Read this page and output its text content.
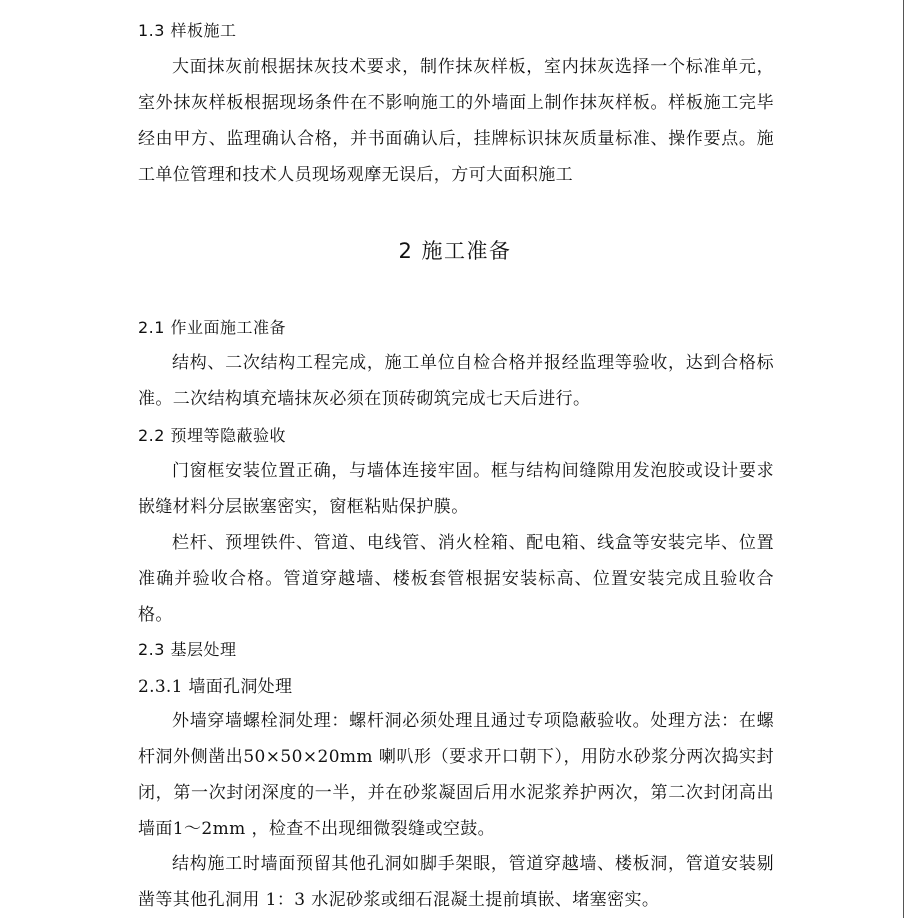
1.3 样板施工

大面抹灰前根据抹灰技术要求，制作抹灰样板，室内抹灰选择一个标准单元，室外抹灰样板根据现场条件在不影响施工的外墙面上制作抹灰样板。样板施工完毕经由甲方、监理确认合格，并书面确认后，挂牌标识抹灰质量标准、操作要点。施工单位管理和技术人员现场观摩无误后，方可大面积施工

2 施工准备
2.1 作业面施工准备

结构、二次结构工程完成，施工单位自检合格并报经监理等验收，达到合格标准。二次结构填充墙抹灰必须在顶砖砌筑完成七天后进行。

2.2 预埋等隐蔽验收

门窗框安装位置正确，与墙体连接牢固。框与结构间缝隙用发泡胶或设计要求嵌缝材料分层嵌塞密实，窗框粘贴保护膜。

栏杆、预埋铁件、管道、电线管、消火栓箱、配电箱、线盒等安装完毕、位置准确并验收合格。管道穿越墙、楼板套管根据安装标高、位置安装完成且验收合格。

2.3 基层处理
2.3.1 墙面孔洞处理

外墙穿墙螺栓洞处理：螺杆洞必须处理且通过专项隐蔽验收。处理方法：在螺杆洞外侧凿出50×50×20mm 喇叭形（要求开口朝下），用防水砂浆分两次捣实封闭，第一次封闭深度的一半，并在砂浆凝固后用水泥浆养护两次，第二次封闭高出墙面1～2mm ，检查不出现细微裂缝或空鼓。

结构施工时墙面预留其他孔洞如脚手架眼，管道穿越墙、楼板洞，管道安装剔凿等其他孔洞用 1：3 水泥砂浆或细石混凝土提前填嵌、堵塞密实。
